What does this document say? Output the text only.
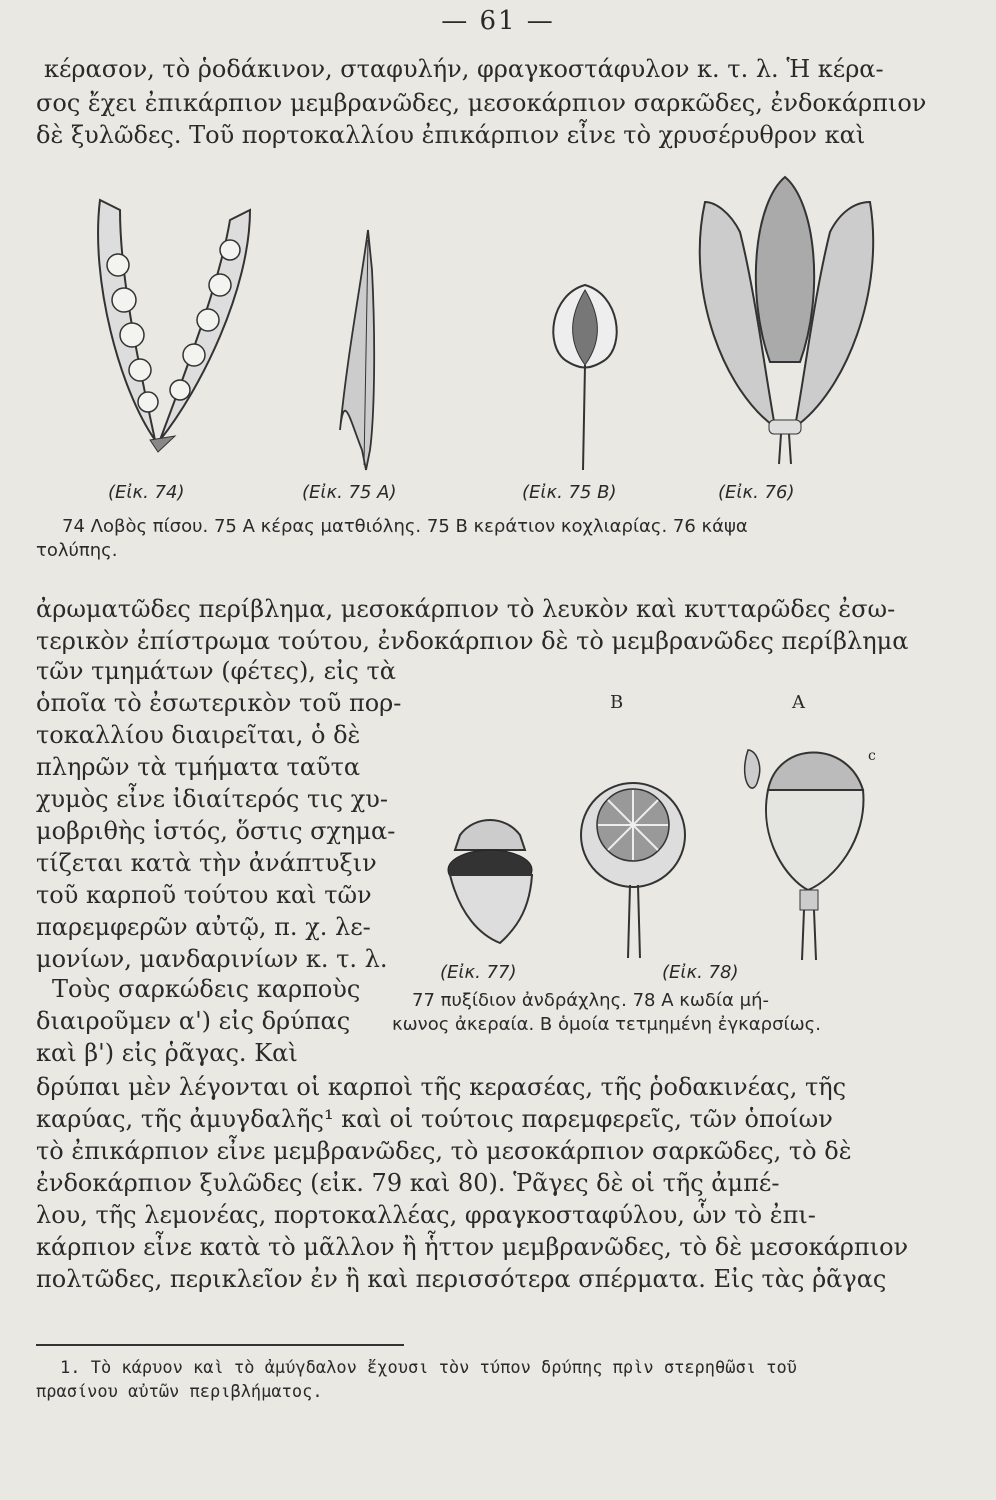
— 61 —
κέρασον, τὸ ῥοδάκινον, σταφυλήν, φραγκοστάφυλον κ. τ. λ. Ἡ κέρα-
σος ἔχει ἐπικάρπιον μεμβρανῶδες, μεσοκάρπιον σαρκῶδες, ἐνδοκάρπιον
δὲ ξυλῶδες. Τοῦ πορτοκαλλίου ἐπικάρπιον εἶνε τὸ χρυσέρυθρον καὶ
(Εἰκ. 74)	(Εἰκ. 75 A)	(Εἰκ. 75 B)	(Εἰκ. 76)
74 Λοβὸς πίσου. 75 A κέρας ματθιόλης. 75 B κεράτιον κοχλιαρίας. 76 κάψα
τολύπης.
ἀρωματῶδες περίβλημα, μεσοκάρπιον τὸ λευκὸν καὶ κυτταρῶδες ἐσω-
τερικὸν ἐπίστρωμα τούτου, ἐνδοκάρπιον δὲ τὸ μεμβρανῶδες περίβλημα
τῶν τμημάτων (φέτες), εἰς τὰ
ὁποῖα τὸ ἐσωτερικὸν τοῦ πορ-
τοκαλλίου διαιρεῖται, ὁ δὲ
πληρῶν τὰ τμήματα ταῦτα
χυμὸς εἶνε ἰδιαίτερός τις χυ-
μοβριθὴς ἱστός, ὅστις σχημα-
τίζεται κατὰ τὴν ἀνάπτυξιν
τοῦ καρποῦ τούτου καὶ τῶν
παρεμφερῶν αὐτῷ, π. χ. λε-
μονίων, μανδαρινίων κ. τ. λ.
Τοὺς σαρκώδεις καρποὺς
διαιροῦμεν α') εἰς δρύπας
καὶ β') εἰς ῥᾶγας. Καὶ
B	A
c
(Εἰκ. 77)	(Εἰκ. 78)
77 πυξίδιον ἀνδράχλης. 78 A κωδία μή-
κωνος ἀκεραία. B ὁμοία τετμημένη ἐγκαρσίως.
δρύπαι μὲν λέγονται οἱ καρποὶ τῆς κερασέας, τῆς ῥοδακινέας, τῆς
καρύας, τῆς ἀμυγδαλῆς¹ καὶ οἱ τούτοις παρεμφερεῖς, τῶν ὁποίων
τὸ ἐπικάρπιον εἶνε μεμβρανῶδες, τὸ μεσοκάρπιον σαρκῶδες, τὸ δὲ
ἐνδοκάρπιον ξυλῶδες (εἰκ. 79 καὶ 80). Ῥᾶγες δὲ οἱ τῆς ἀμπέ-
λου, τῆς λεμονέας, πορτοκαλλέας, φραγκοσταφύλου, ὧν τὸ ἐπι-
κάρπιον εἶνε κατὰ τὸ μᾶλλον ἢ ἧττον μεμβρανῶδες, τὸ δὲ μεσοκάρπιον
πολτῶδες, περικλεῖον ἐν ἢ καὶ περισσότερα σπέρματα. Εἰς τὰς ῥᾶγας
1. Τὸ κάρυον καὶ τὸ ἀμύγδαλον ἔχουσι τὸν τύπον δρύπης πρὶν στερηθῶσι τοῦ
πρασίνου αὐτῶν περιβλήματος.
